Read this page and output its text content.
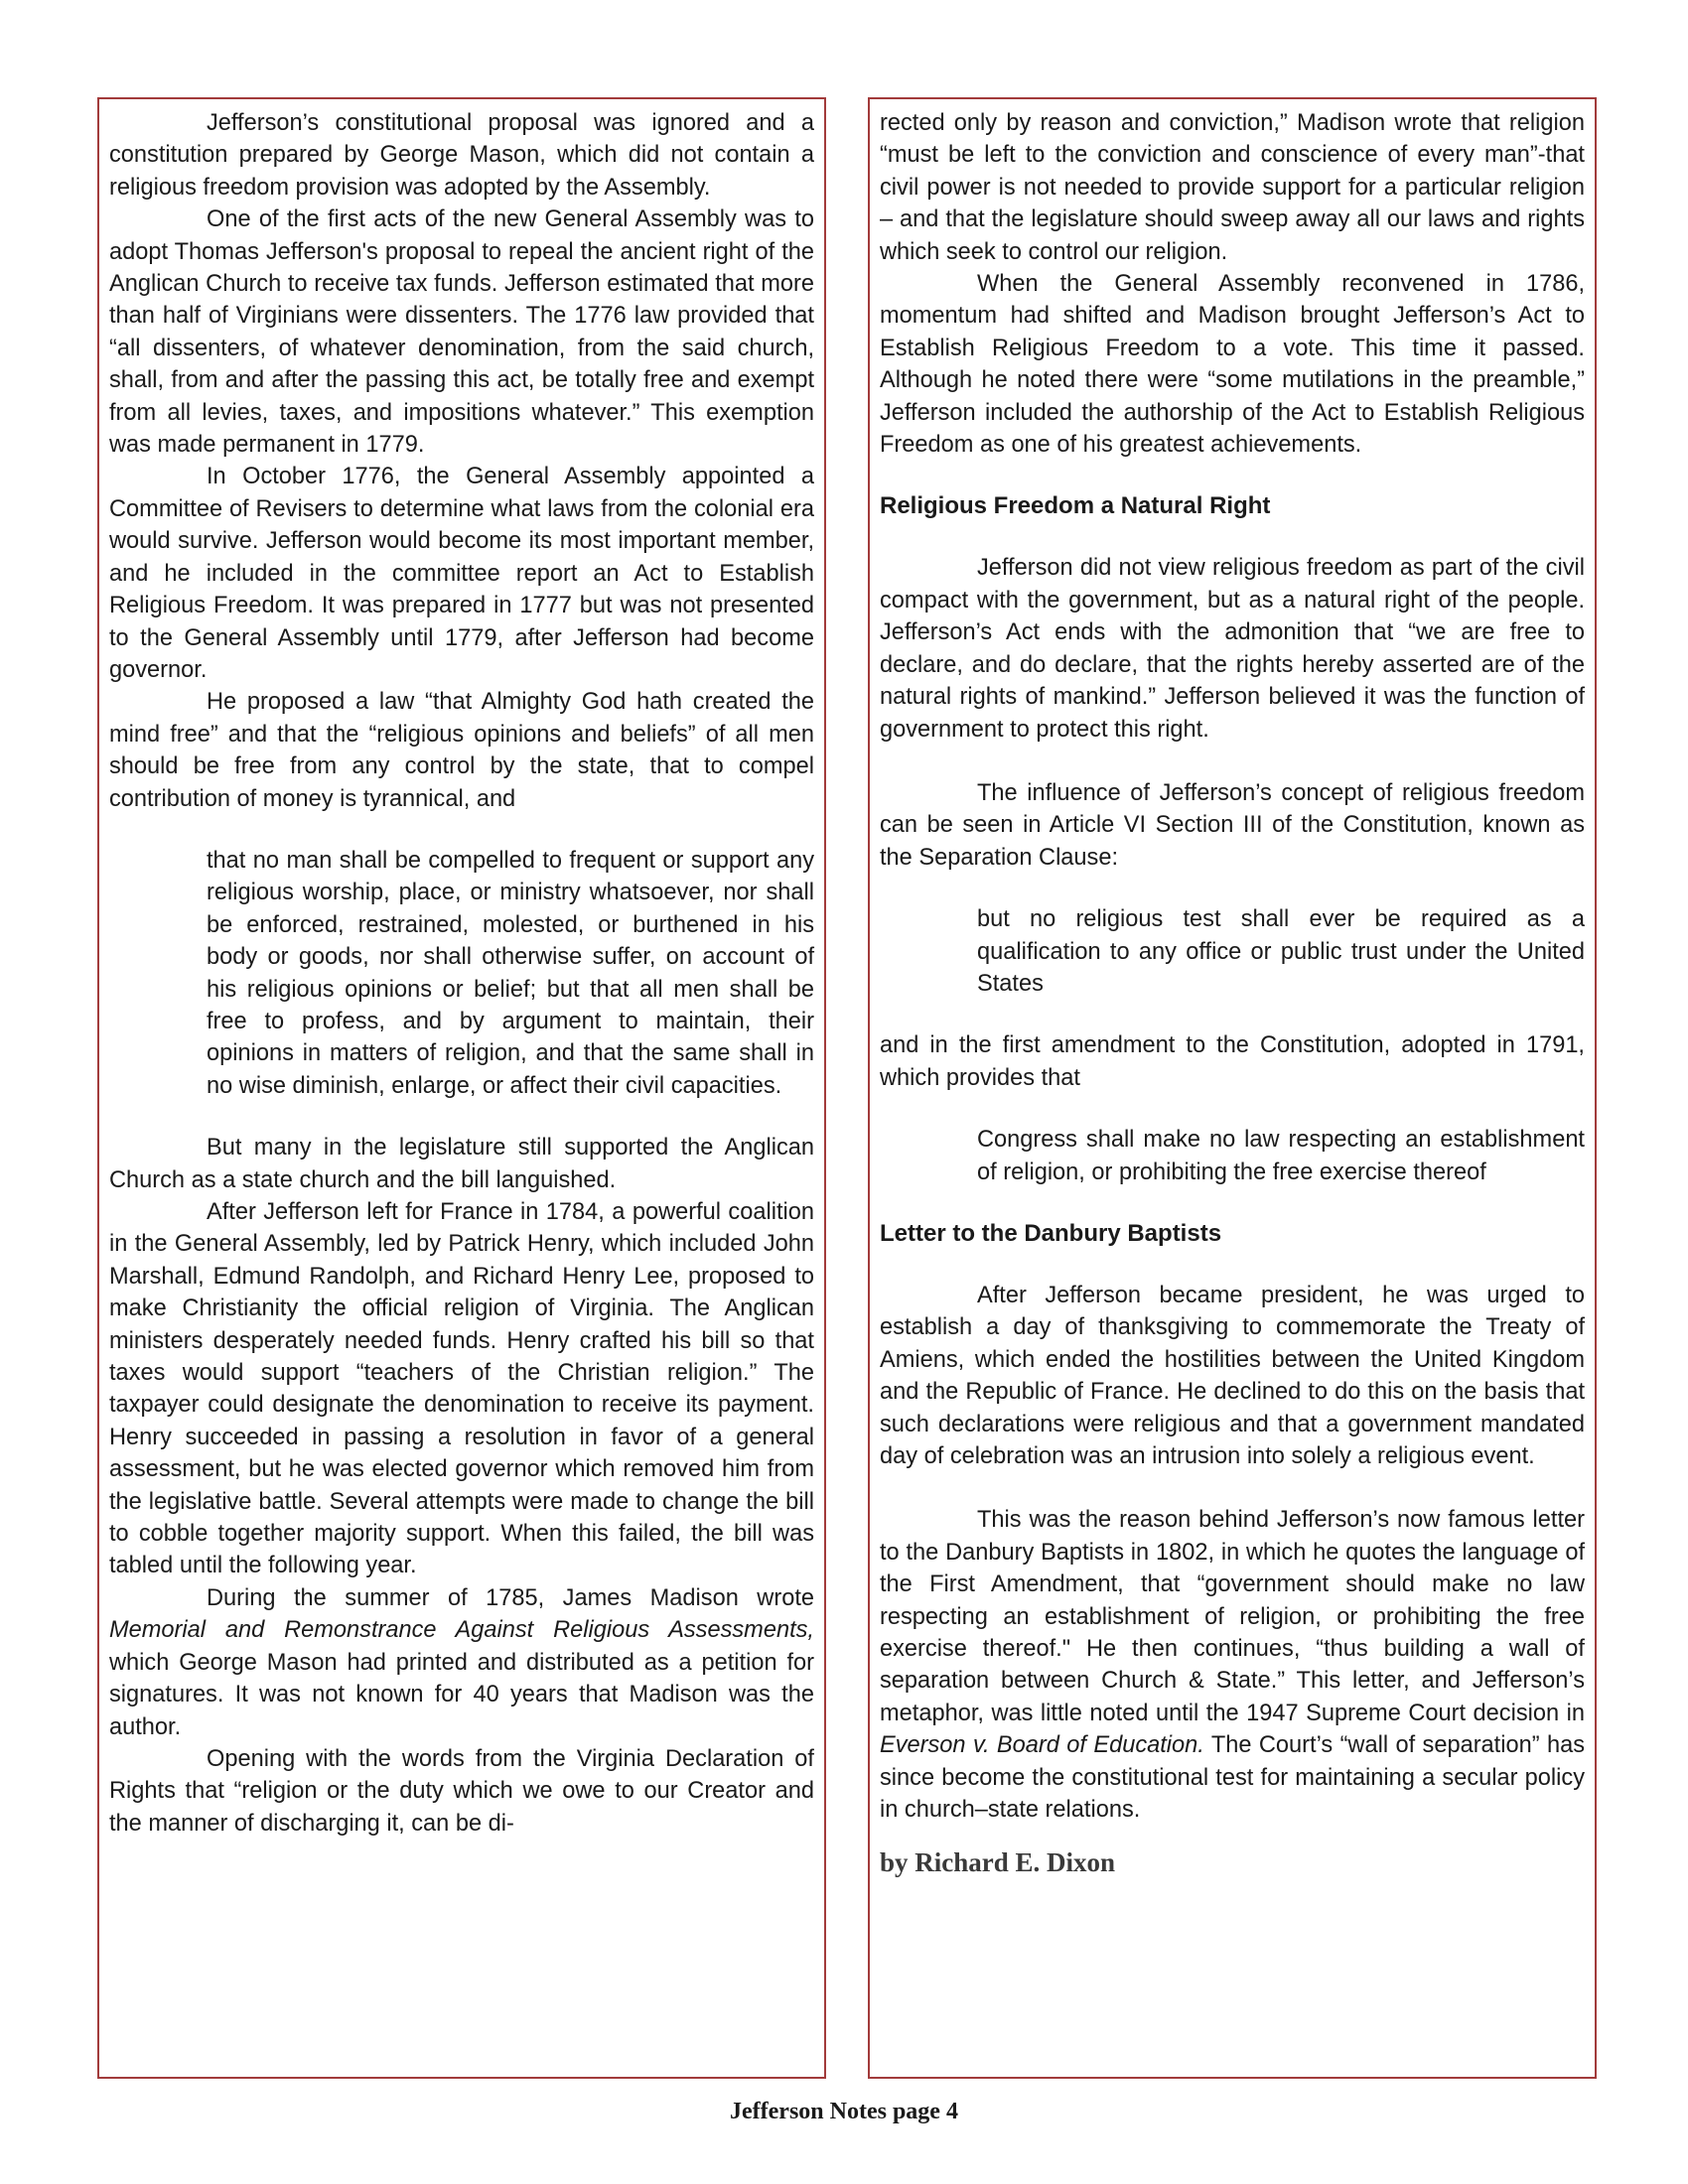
Jefferson’s constitutional proposal was ignored and a constitution prepared by George Mason, which did not contain a religious freedom provision was adopted by the Assembly.

One of the first acts of the new General Assembly was to adopt Thomas Jefferson's proposal to repeal the ancient right of the Anglican Church to receive tax funds. Jefferson estimated that more than half of Virginians were dissenters. The 1776 law provided that “all dissenters, of whatever denomination, from the said church, shall, from and after the passing this act, be totally free and exempt from all levies, taxes, and impositions whatever.” This exemption was made permanent in 1779.

In October 1776, the General Assembly appointed a Committee of Revisers to determine what laws from the colonial era would survive. Jefferson would become its most important member, and he included in the committee report an Act to Establish Religious Freedom. It was prepared in 1777 but was not presented to the General Assembly until 1779, after Jefferson had become governor.

He proposed a law “that Almighty God hath created the mind free” and that the “religious opinions and beliefs” of all men should be free from any control by the state, that to compel contribution of money is tyrannical, and

that no man shall be compelled to frequent or support any religious worship, place, or ministry whatsoever, nor shall be enforced, restrained, molested, or burthened in his body or goods, nor shall otherwise suffer, on account of his religious opinions or belief; but that all men shall be free to profess, and by argument to maintain, their opinions in matters of religion, and that the same shall in no wise diminish, enlarge, or affect their civil capacities.

But many in the legislature still supported the Anglican Church as a state church and the bill languished.

After Jefferson left for France in 1784, a powerful coalition in the General Assembly, led by Patrick Henry, which included John Marshall, Edmund Randolph, and Richard Henry Lee, proposed to make Christianity the official religion of Virginia. The Anglican ministers desperately needed funds. Henry crafted his bill so that taxes would support “teachers of the Christian religion.” The taxpayer could designate the denomination to receive its payment. Henry succeeded in passing a resolution in favor of a general assessment, but he was elected governor which removed him from the legislative battle. Several attempts were made to change the bill to cobble together majority support. When this failed, the bill was tabled until the following year.

During the summer of 1785, James Madison wrote Memorial and Remonstrance Against Religious Assessments, which George Mason had printed and distributed as a petition for signatures. It was not known for 40 years that Madison was the author.

Opening with the words from the Virginia Declaration of Rights that “religion or the duty which we owe to our Creator and the manner of discharging it, can be di-

rected only by reason and conviction,” Madison wrote that religion “must be left to the conviction and conscience of every man”-that civil power is not needed to provide support for a particular religion – and that the legislature should sweep away all our laws and rights which seek to control our religion.

When the General Assembly reconvened in 1786, momentum had shifted and Madison brought Jefferson’s Act to Establish Religious Freedom to a vote. This time it passed. Although he noted there were “some mutilations in the preamble,” Jefferson included the authorship of the Act to Establish Religious Freedom as one of his greatest achievements.

Religious Freedom a Natural Right

Jefferson did not view religious freedom as part of the civil compact with the government, but as a natural right of the people. Jefferson’s Act ends with the admonition that “we are free to declare, and do declare, that the rights hereby asserted are of the natural rights of mankind.” Jefferson believed it was the function of government to protect this right.

The influence of Jefferson’s concept of religious freedom can be seen in Article VI Section III of the Constitution, known as the Separation Clause:

but no religious test shall ever be required as a qualification to any office or public trust under the United States

and in the first amendment to the Constitution, adopted in 1791, which provides that

Congress shall make no law respecting an establishment of religion, or prohibiting the free exercise thereof

Letter to the Danbury Baptists

After Jefferson became president, he was urged to establish a day of thanksgiving to commemorate the Treaty of Amiens, which ended the hostilities between the United Kingdom and the Republic of France. He declined to do this on the basis that such declarations were religious and that a government mandated day of celebration was an intrusion into solely a religious event.

This was the reason behind Jefferson’s now famous letter to the Danbury Baptists in 1802, in which he quotes the language of the First Amendment, that “government should make no law respecting an establishment of religion, or prohibiting the free exercise thereof." He then continues, “thus building a wall of separation between Church & State.” This letter, and Jefferson’s metaphor, was little noted until the 1947 Supreme Court decision in Everson v. Board of Education. The Court’s “wall of separation” has since become the constitutional test for maintaining a secular policy in church–state relations.

by Richard E. Dixon
Jefferson Notes page 4
